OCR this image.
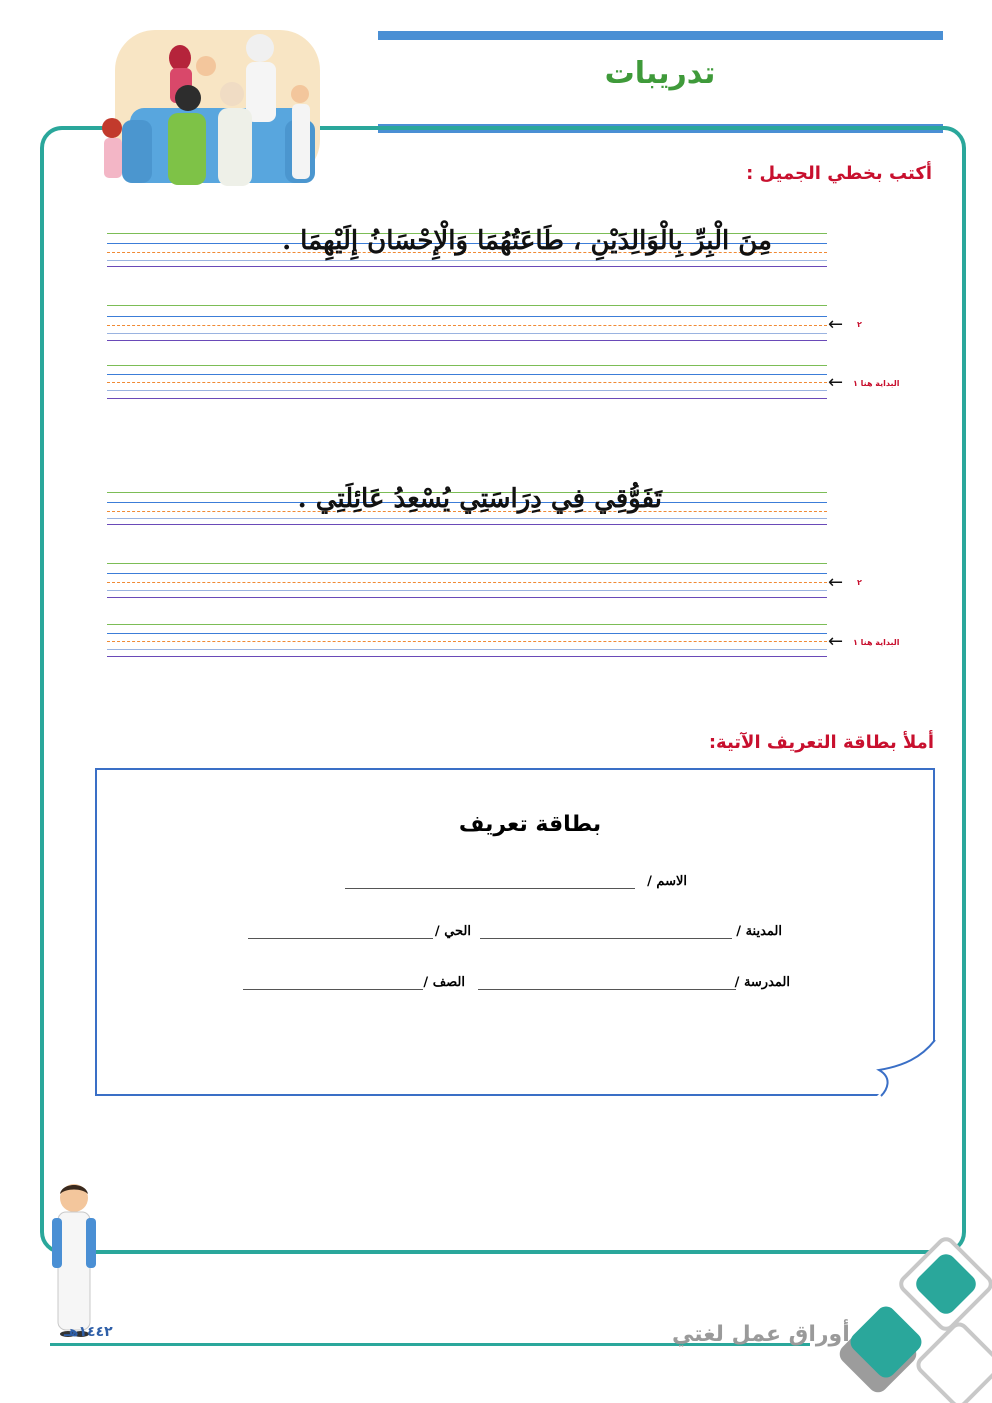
تدريبات
أكتب بخطي الجميل :
مِنَ الْبِرِّ بِالْوَالِدَيْنِ ، طَاعَتُهُمَا وَالْإِحْسَانُ إِلَيْهِمَا .
← ٢
← البداية هنا ١
تَفَوُّقِي فِي دِرَاسَتِي يُسْعِدُ عَائِلَتِي .
← ٢
← البداية هنا ١
أملأ بطاقة التعريف الآتية:
بطاقة تعريف
الاسم /
المدينة /
الحي /
المدرسة /
الصف /
أوراق عمل لغتي
١٤٤٢هـ
